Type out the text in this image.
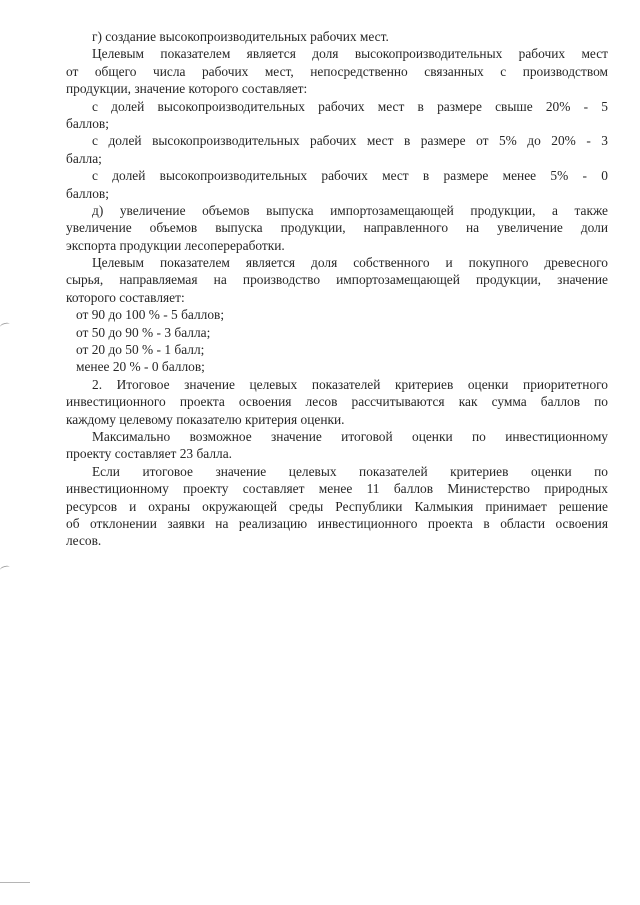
г) создание высокопроизводительных рабочих мест.
Целевым показателем является доля высокопроизводительных рабочих мест
от общего числа рабочих мест, непосредственно связанных с производством
продукции, значение которого составляет:
с долей высокопроизводительных рабочих мест в размере свыше 20% - 5
баллов;
с долей высокопроизводительных рабочих мест в размере от 5% до 20% - 3
балла;
с долей высокопроизводительных рабочих мест в размере менее 5% - 0
баллов;
д) увеличение объемов выпуска импортозамещающей продукции, а также
увеличение объемов выпуска продукции, направленного на увеличение доли
экспорта продукции лесопереработки.
Целевым показателем является доля собственного и покупного древесного
сырья, направляемая на производство импортозамещающей продукции, значение
которого составляет:
от 90 до 100 % - 5 баллов;
от 50 до 90 % - 3 балла;
от 20 до 50 % - 1 балл;
менее 20 % - 0 баллов;
2. Итоговое значение целевых показателей критериев оценки приоритетного
инвестиционного проекта освоения лесов рассчитываются как сумма баллов по
каждому целевому показателю критерия оценки.
Максимально возможное значение итоговой оценки по инвестиционному
проекту составляет 23 балла.
Если итоговое значение целевых показателей критериев оценки по
инвестиционному проекту составляет менее 11 баллов Министерство природных
ресурсов и охраны окружающей среды Республики Калмыкия принимает решение
об отклонении заявки на реализацию инвестиционного проекта в области освоения
лесов.
